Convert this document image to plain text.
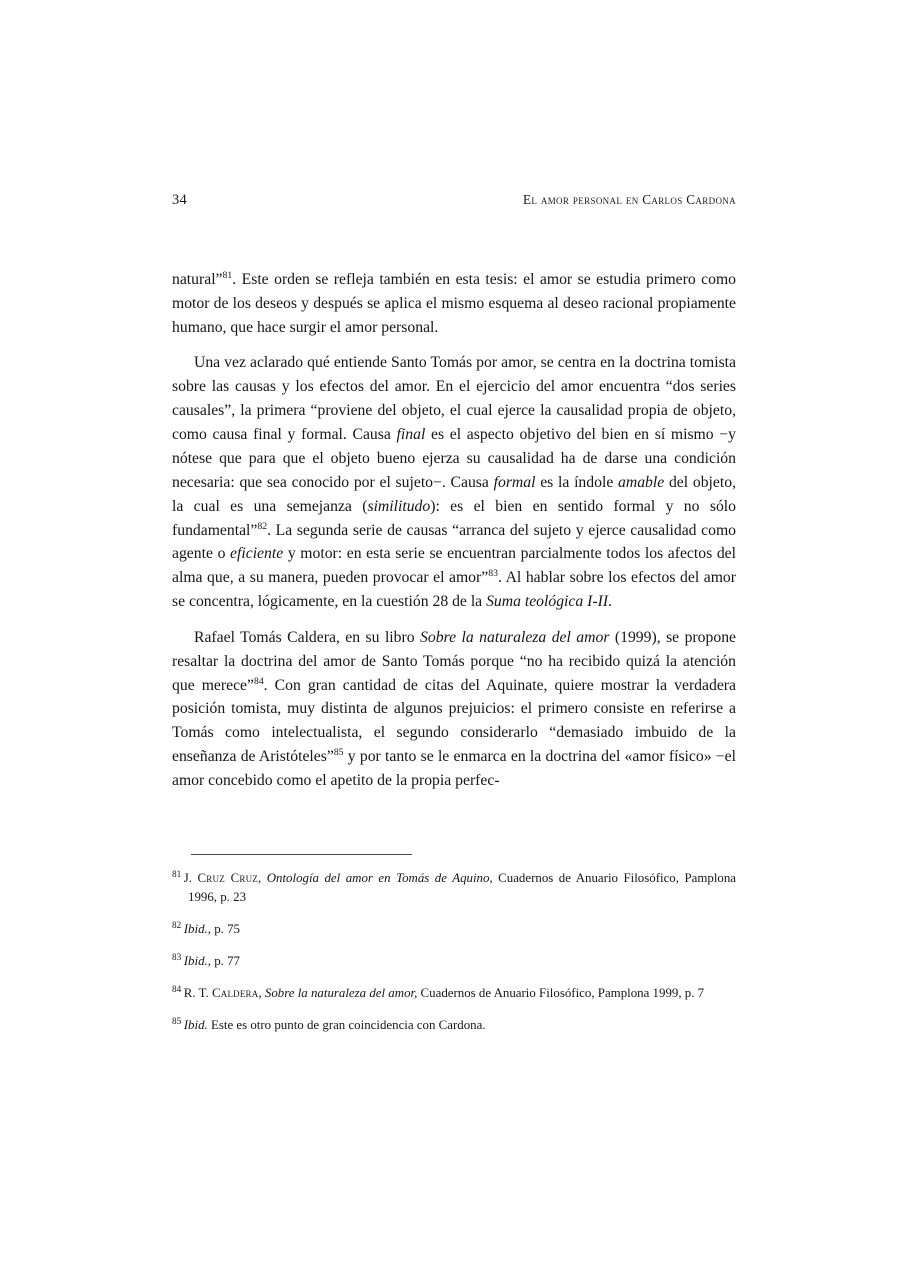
34	El amor personal en Carlos Cardona

natural”$^{81}$. Este orden se refleja también en esta tesis: el amor se estudia primero como motor de los deseos y después se aplica el mismo esquema al deseo racional propiamente humano, que hace surgir el amor personal.

Una vez aclarado qué entiende Santo Tomás por amor, se centra en la doctrina tomista sobre las causas y los efectos del amor. En el ejercicio del amor encuentra “dos series causales”, la primera “proviene del objeto, el cual ejerce la causalidad propia de objeto, como causa final y formal. Causa final es el aspecto objetivo del bien en sí mismo −y nótese que para que el objeto bueno ejerza su causalidad ha de darse una condición necesaria: que sea conocido por el sujeto−. Causa formal es la índole amable del objeto, la cual es una semejanza (similitudo): es el bien en sentido formal y no sólo fundamental”$^{82}$. La segunda serie de causas “arranca del sujeto y ejerce causalidad como agente o eficiente y motor: en esta serie se encuentran parcialmente todos los afectos del alma que, a su manera, pueden provocar el amor”$^{83}$. Al hablar sobre los efectos del amor se concentra, lógicamente, en la cuestión 28 de la Suma teológica I-II.

Rafael Tomás Caldera, en su libro Sobre la naturaleza del amor (1999), se propone resaltar la doctrina del amor de Santo Tomás porque “no ha recibido quizá la atención que merece”$^{84}$. Con gran cantidad de citas del Aquinate, quiere mostrar la verdadera posición tomista, muy distinta de algunos prejuicios: el primero consiste en referirse a Tomás como intelectualista, el segundo considerarlo “demasiado imbuido de la enseñanza de Aristóteles”$^{85}$ y por tanto se le enmarca en la doctrina del «amor físico» −el amor concebido como el apetito de la propia perfec-

$^{81}$ J. Cruz Cruz, Ontología del amor en Tomás de Aquino, Cuadernos de Anuario Filosófico, Pamplona 1996, p. 23
$^{82}$ Ibid., p. 75
$^{83}$ Ibid., p. 77
$^{84}$ R. T. Caldera, Sobre la naturaleza del amor, Cuadernos de Anuario Filosófico, Pamplona 1999, p. 7
$^{85}$ Ibid. Este es otro punto de gran coincidencia con Cardona.
